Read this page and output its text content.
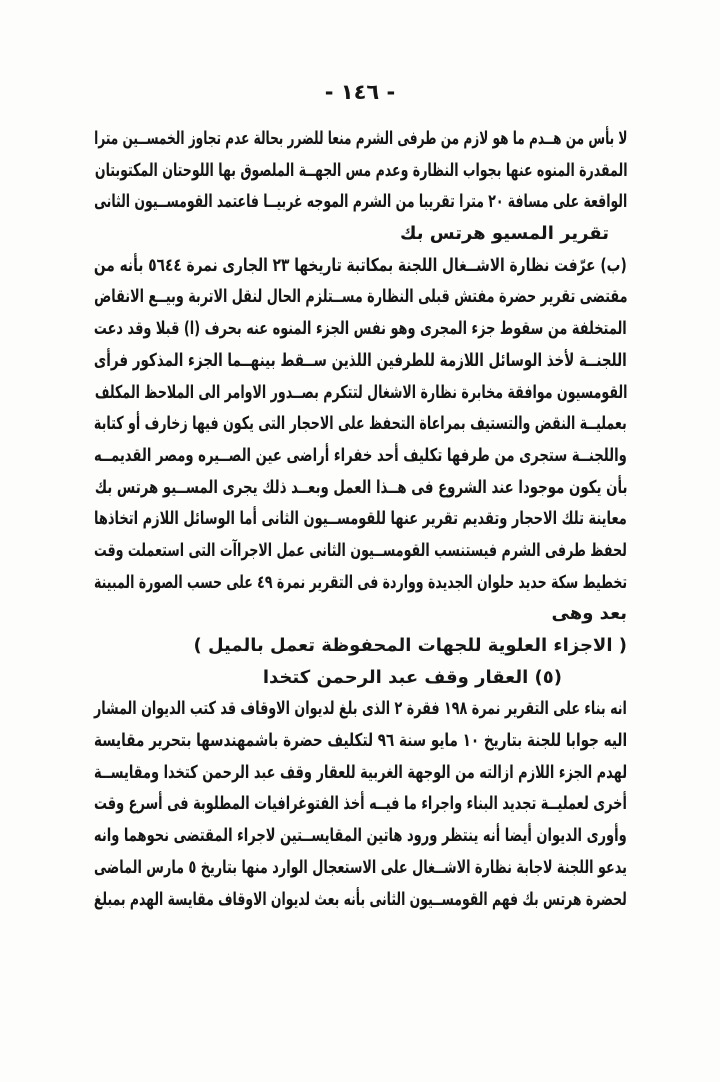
- ١٤٦ -
لا بأس من هــدم ما هو لازم من طرفى الشرم منعا للضرر بحالة عدم تجاوز الخمســين مترا
المقدرة المنوه عنها بجواب النظارة وعدم مس الجهــة الملصوق بها اللوحتان المكتوبتان
الواقعة على مسافة ٢٠ مترا تقريبا من الشرم الموجه غربيــا فاعتمد القومســيون الثانى
تقرير المسيو هرتس بك
(ب) عرّفت نظارة الاشــغال اللجنة بمكاتبة تاريخها ٢٣ الجارى نمرة ٥٦٤٤ بأنه من
مقتضى تقرير حضرة مفتش قبلى النظارة مســتلزم الحال لنقل الاتربة وبيــع الانقاض
المتخلفة من سقوط جزء المجرى وهو نفس الجزء المنوه عنه بحرف (ا) قبلا وقد دعت
اللجنــة لأخذ الوسائل اللازمة للطرفين اللذين ســقط بينهــما الجزء المذكور فرأى
القومسيون موافقة مخابرة نظارة الاشغال لتتكرم بصــدور الاوامر الى الملاحظ المكلف
بعمليــة النقض والتستيف بمراعاة التحفظ على الاحجار التى يكون فيها زخارف أو كتابة
واللجنــة ستجرى من طرفها تكليف أحد خفراء أراضى عين الصــيره ومصر القديمــه
بأن يكون موجودا عند الشروع فى هــذا العمل وبعــد ذلك يجرى المســيو هرتس بك
معاينة تلك الاحجار وتقديم تقرير عنها للقومســيون الثانى أما الوسائل اللازم اتخاذها
لحفظ طرفى الشرم فيستنسب القومســيون الثانى عمل الاجراآت التى استعملت وقت
تخطيط سكة حديد حلوان الجديدة وواردة فى التقرير نمرة ٤٩ على حسب الصورة المبينة
بعد وهى
( الاجزاء العلوية للجهات المحفوظة تعمل بالميل )
(٥) العقار وقف عبد الرحمن كتخدا
انه بناء على التقرير نمرة ١٩٨ فقرة ٢ الذى بلغ لديوان الاوقاف قد كتب الديوان المشار
اليه جوابا للجنة بتاريخ ١٠ مايو سنة ٩٦ لتكليف حضرة باشمهندسها بتحرير مقايسة
لهدم الجزء اللازم ازالته من الوجهة الغربية للعقار وقف عبد الرحمن كتخدا ومقايســة
أخرى لعمليــة تجديد البناء واجراء ما فيــه أخذ الفتوغرافيات المطلوبة فى أسرع وقت
وأورى الديوان أيضا أنه ينتظر ورود هاتين المقايســتين لاجراء المقتضى نحوهما وانه
يدعو اللجنة لاجابة نظارة الاشــغال على الاستعجال الوارد منها بتاريخ ٥ مارس الماضى
لحضرة هرتس بك فهم القومســيون الثانى بأنه بعث لديوان الاوقاف مقايسة الهدم بمبلغ
